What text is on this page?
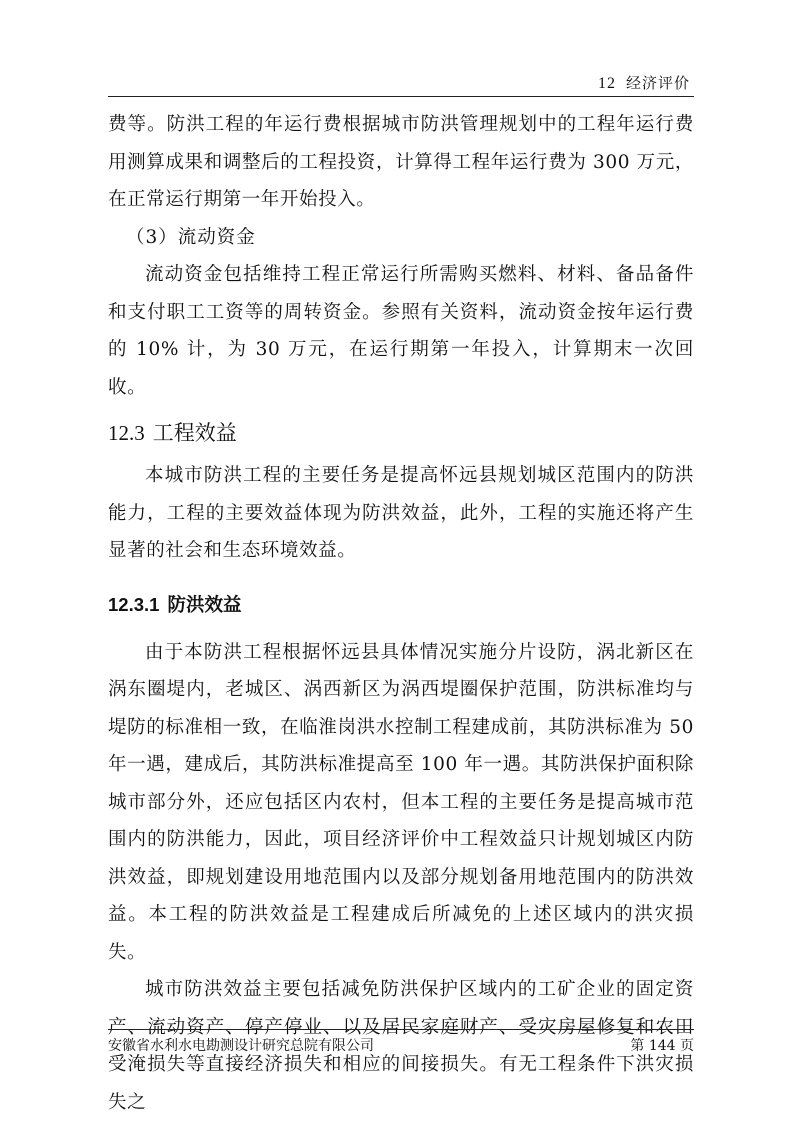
12 经济评价

费等。防洪工程的年运行费根据城市防洪管理规划中的工程年运行费用测算成果和调整后的工程投资，计算得工程年运行费为 300 万元，在正常运行期第一年开始投入。

（3）流动资金

流动资金包括维持工程正常运行所需购买燃料、材料、备品备件和支付职工工资等的周转资金。参照有关资料，流动资金按年运行费的 10% 计，为 30 万元，在运行期第一年投入，计算期末一次回收。

12.3 工程效益

本城市防洪工程的主要任务是提高怀远县规划城区范围内的防洪能力，工程的主要效益体现为防洪效益，此外，工程的实施还将产生显著的社会和生态环境效益。

12.3.1 防洪效益

由于本防洪工程根据怀远县具体情况实施分片设防，涡北新区在涡东圈堤内，老城区、涡西新区为涡西堤圈保护范围，防洪标准均与堤防的标准相一致，在临淮岗洪水控制工程建成前，其防洪标准为 50 年一遇，建成后，其防洪标准提高至 100 年一遇。其防洪保护面积除城市部分外，还应包括区内农村，但本工程的主要任务是提高城市范围内的防洪能力，因此，项目经济评价中工程效益只计规划城区内防洪效益，即规划建设用地范围内以及部分规划备用地范围内的防洪效益。本工程的防洪效益是工程建成后所减免的上述区域内的洪灾损失。

城市防洪效益主要包括减免防洪保护区域内的工矿企业的固定资产、流动资产、停产停业、以及居民家庭财产、受灾房屋修复和农田受淹损失等直接经济损失和相应的间接损失。有无工程条件下洪灾损失之

安徽省水利水电勘测设计研究总院有限公司	第 144 页
